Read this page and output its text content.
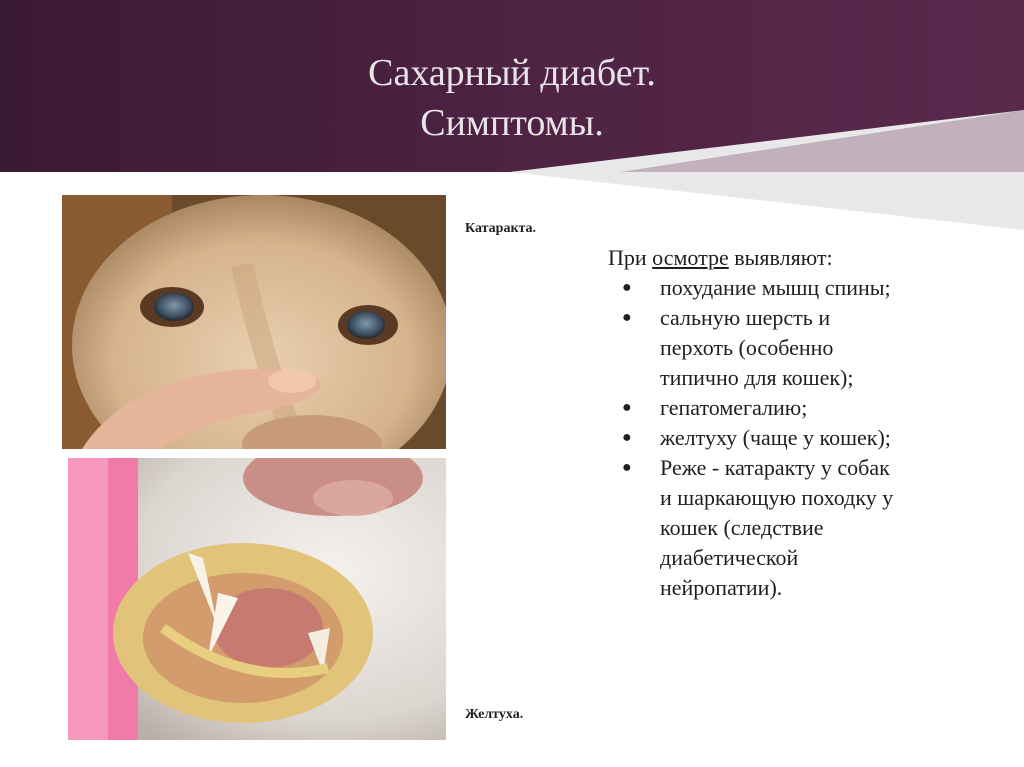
Сахарный диабет.
Симптомы.
Катаракта.
Желтуха.

При осмотре выявляют:

● похудание мышц спины;
● сальную шерсть и
перхоть (особенно
типично для кошек);
● гепатомегалию;
● желтуху (чаще у кошек);
● Реже - катаракту у собак
и шаркающую походку у
кошек (следствие
диабетической
нейропатии).
